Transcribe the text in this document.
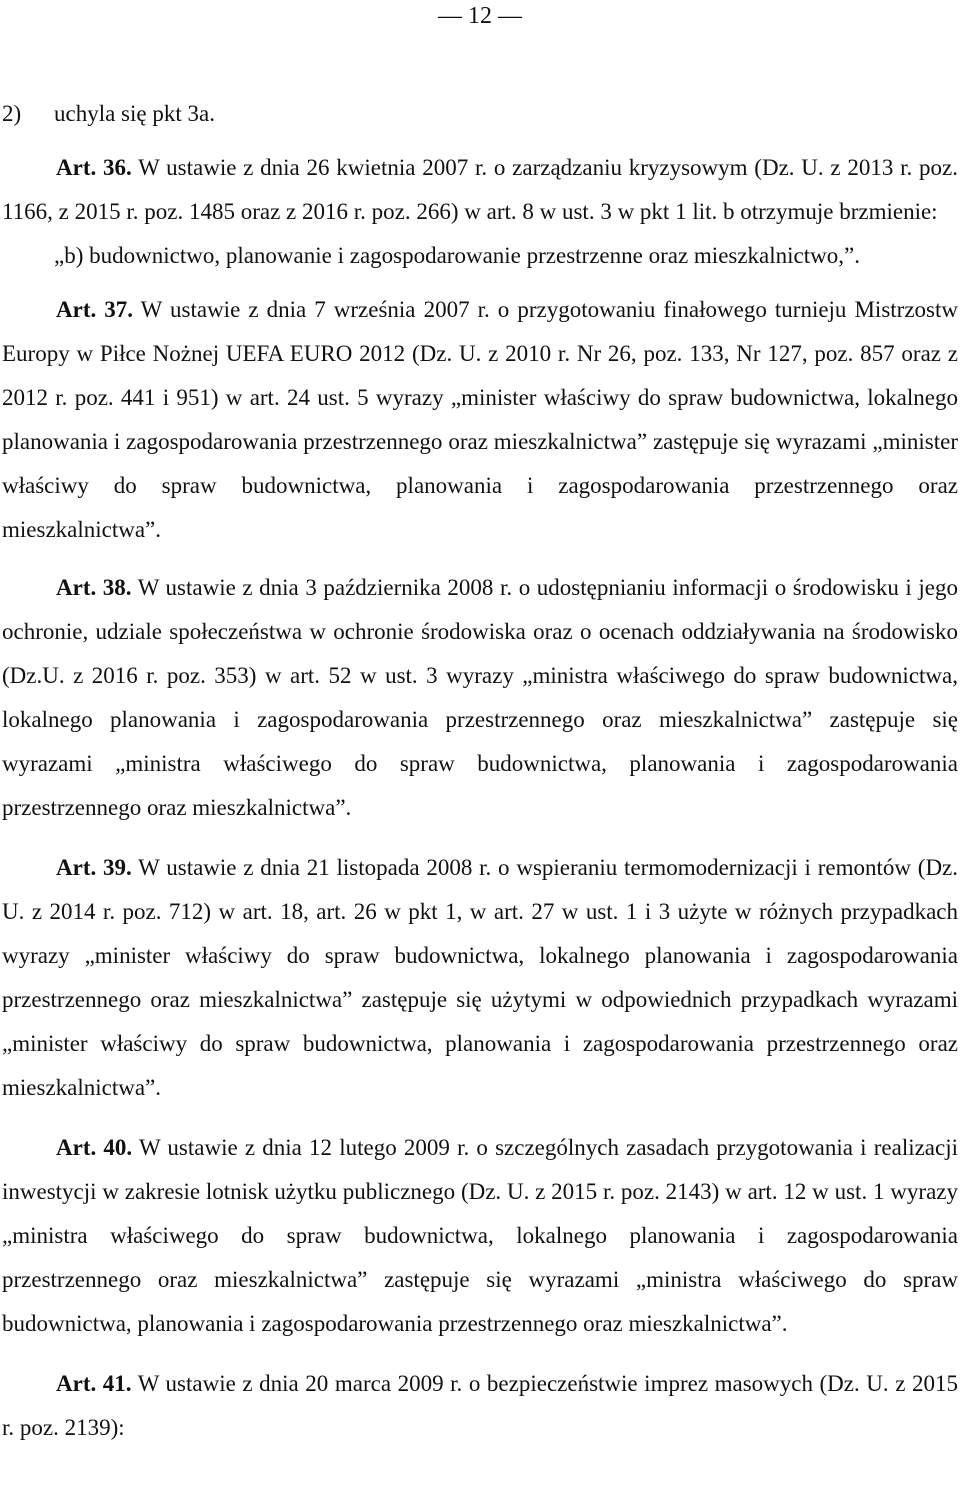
— 12 —

2) uchyla się pkt 3a.

Art. 36. W ustawie z dnia 26 kwietnia 2007 r. o zarządzaniu kryzysowym (Dz. U. z 2013 r. poz. 1166, z 2015 r. poz. 1485 oraz z 2016 r. poz. 266) w art. 8 w ust. 3 w pkt 1 lit. b otrzymuje brzmienie:

„b) budownictwo, planowanie i zagospodarowanie przestrzenne oraz mieszkalnictwo,”.

Art. 37. W ustawie z dnia 7 września 2007 r. o przygotowaniu finałowego turnieju Mistrzostw Europy w Piłce Nożnej UEFA EURO 2012 (Dz. U. z 2010 r. Nr 26, poz. 133, Nr 127, poz. 857 oraz z 2012 r. poz. 441 i 951) w art. 24 ust. 5 wyrazy „minister właściwy do spraw budownictwa, lokalnego planowania i zagospodarowania przestrzennego oraz mieszkalnictwa” zastępuje się wyrazami „minister właściwy do spraw budownictwa, planowania i zagospodarowania przestrzennego oraz mieszkalnictwa”.

Art. 38. W ustawie z dnia 3 października 2008 r. o udostępnianiu informacji o środowisku i jego ochronie, udziale społeczeństwa w ochronie środowiska oraz o ocenach oddziaływania na środowisko (Dz.U. z 2016 r. poz. 353) w art. 52 w ust. 3 wyrazy „ministra właściwego do spraw budownictwa, lokalnego planowania i zagospodarowania przestrzennego oraz mieszkalnictwa” zastępuje się wyrazami „ministra właściwego do spraw budownictwa, planowania i zagospodarowania przestrzennego oraz mieszkalnictwa”.

Art. 39. W ustawie z dnia 21 listopada 2008 r. o wspieraniu termomodernizacji i remontów (Dz. U. z 2014 r. poz. 712) w art. 18, art. 26 w pkt 1, w art. 27 w ust. 1 i 3 użyte w różnych przypadkach wyrazy „minister właściwy do spraw budownictwa, lokalnego planowania i zagospodarowania przestrzennego oraz mieszkalnictwa” zastępuje się użytymi w odpowiednich przypadkach wyrazami „minister właściwy do spraw budownictwa, planowania i zagospodarowania przestrzennego oraz mieszkalnictwa”.

Art. 40. W ustawie z dnia 12 lutego 2009 r. o szczególnych zasadach przygotowania i realizacji inwestycji w zakresie lotnisk użytku publicznego (Dz. U. z 2015 r. poz. 2143) w art. 12 w ust. 1 wyrazy „ministra właściwego do spraw budownictwa, lokalnego planowania i zagospodarowania przestrzennego oraz mieszkalnictwa” zastępuje się wyrazami „ministra właściwego do spraw budownictwa, planowania i zagospodarowania przestrzennego oraz mieszkalnictwa”.

Art. 41. W ustawie z dnia 20 marca 2009 r. o bezpieczeństwie imprez masowych (Dz. U. z 2015 r. poz. 2139):
